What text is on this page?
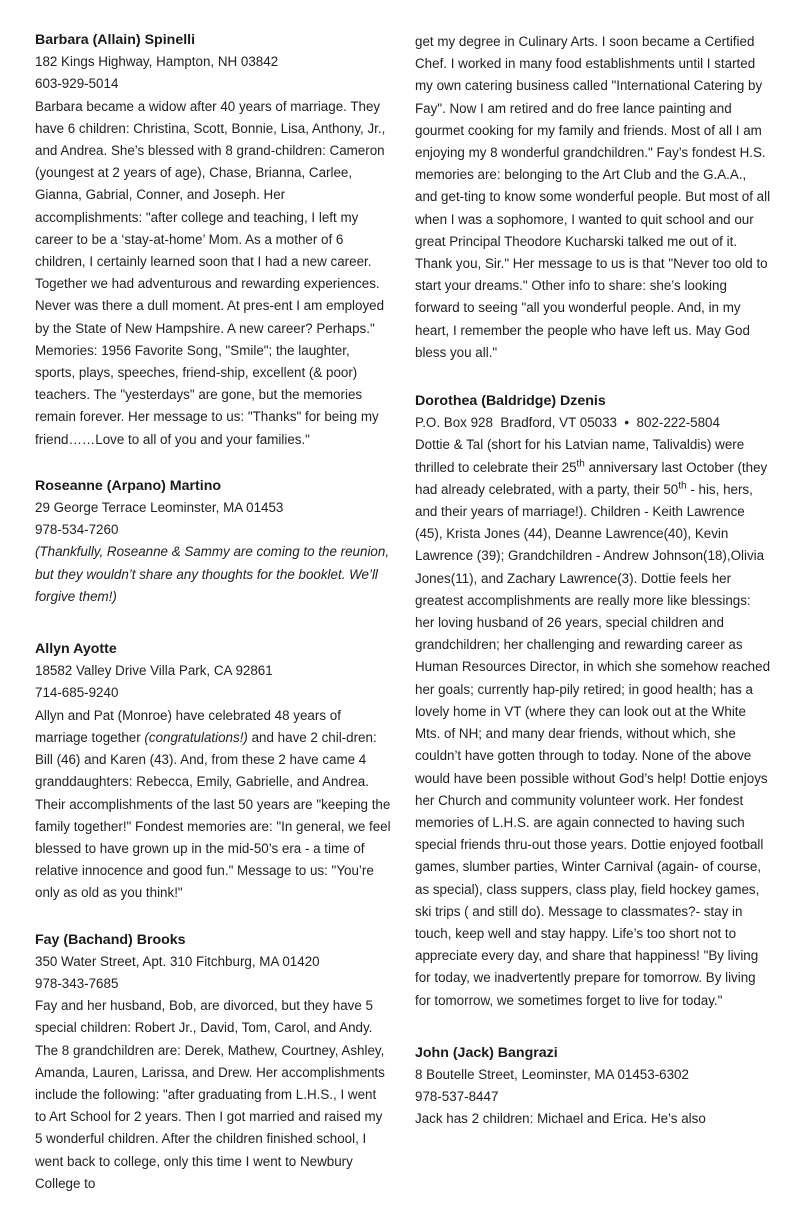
Barbara (Allain) Spinelli

182 Kings Highway, Hampton, NH 03842

603-929-5014

Barbara became a widow after 40 years of marriage. They have 6 children: Christina, Scott, Bonnie, Lisa, Anthony, Jr., and Andrea. She’s blessed with 8 grand-children: Cameron (youngest at 2 years of age), Chase, Brianna, Carlee, Gianna, Gabrial, Conner, and Joseph. Her accomplishments: "after college and teaching, I left my career to be a ‘stay-at-home’ Mom. As a mother of 6 children, I certainly learned soon that I had a new career. Together we had adventurous and rewarding experiences. Never was there a dull moment. At pres-ent I am employed by the State of New Hampshire. A new career? Perhaps." Memories: 1956 Favorite Song, "Smile"; the laughter, sports, plays, speeches, friend-ship, excellent (& poor) teachers. The "yesterdays" are gone, but the memories remain forever. Her message to us: "Thanks" for being my friend……Love to all of you and your families."

Roseanne (Arpano) Martino

29 George Terrace Leominster, MA 01453

978-534-7260

(Thankfully, Roseanne & Sammy are coming to the reunion, but they wouldn’t share any thoughts for the booklet. We’ll forgive them!)

Allyn Ayotte

18582 Valley Drive Villa Park, CA 92861

714-685-9240

Allyn and Pat (Monroe) have celebrated 48 years of marriage together (congratulations!) and have 2 chil-dren: Bill (46) and Karen (43). And, from these 2 have came 4 granddaughters: Rebecca, Emily, Gabrielle, and Andrea. Their accomplishments of the last 50 years are "keeping the family together!" Fondest memories are: "In general, we feel blessed to have grown up in the mid-50’s era - a time of relative innocence and good fun." Message to us: "You’re only as old as you think!"

Fay (Bachand) Brooks

350 Water Street, Apt. 310 Fitchburg, MA 01420

978-343-7685

Fay and her husband, Bob, are divorced, but they have 5 special children: Robert Jr., David, Tom, Carol, and Andy. The 8 grandchildren are: Derek, Mathew, Courtney, Ashley, Amanda, Lauren, Larissa, and Drew. Her accomplishments include the following: "after graduating from L.H.S., I went to Art School for 2 years. Then I got married and raised my 5 wonderful children. After the children finished school, I went back to college, only this time I went to Newbury College to

get my degree in Culinary Arts. I soon became a Certified Chef. I worked in many food establishments until I started my own catering business called "International Catering by Fay". Now I am retired and do free lance painting and gourmet cooking for my family and friends. Most of all I am enjoying my 8 wonderful grandchildren." Fay’s fondest H.S. memories are: belonging to the Art Club and the G.A.A., and get-ting to know some wonderful people. But most of all when I was a sophomore, I wanted to quit school and our great Principal Theodore Kucharski talked me out of it. Thank you, Sir." Her message to us is that "Never too old to start your dreams." Other info to share: she’s looking forward to seeing "all you wonderful people. And, in my heart, I remember the people who have left us. May God bless you all."

Dorothea (Baldridge) Dzenis

P.O. Box 928  Bradford, VT 05033  •  802-222-5804

Dottie & Tal (short for his Latvian name, Talivaldis) were thrilled to celebrate their 25th anniversary last October (they had already celebrated, with a party, their 50th - his, hers, and their years of marriage!). Children - Keith Lawrence (45), Krista Jones (44), Deanne Lawrence(40), Kevin Lawrence (39); Grandchildren - Andrew Johnson(18),Olivia Jones(11), and Zachary Lawrence(3). Dottie feels her greatest accomplishments are really more like blessings: her loving husband of 26 years, special children and grandchildren; her challenging and rewarding career as Human Resources Director, in which she somehow reached her goals; currently hap-pily retired; in good health; has a lovely home in VT (where they can look out at the White Mts. of NH; and many dear friends, without which, she couldn’t have gotten through to today. None of the above would have been possible without God’s help! Dottie enjoys her Church and community volunteer work. Her fondest memories of L.H.S. are again connected to having such special friends thru-out those years. Dottie enjoyed football games, slumber parties, Winter Carnival (again- of course, as special), class suppers, class play, field hockey games, ski trips ( and still do). Message to classmates?- stay in touch, keep well and stay happy. Life’s too short not to appreciate every day, and share that happiness! "By living for today, we inadvertently prepare for tomorrow. By living for tomorrow, we sometimes forget to live for today."

John (Jack) Bangrazi

8 Boutelle Street, Leominster, MA 01453-6302

978-537-8447

Jack has 2 children: Michael and Erica. He’s also
